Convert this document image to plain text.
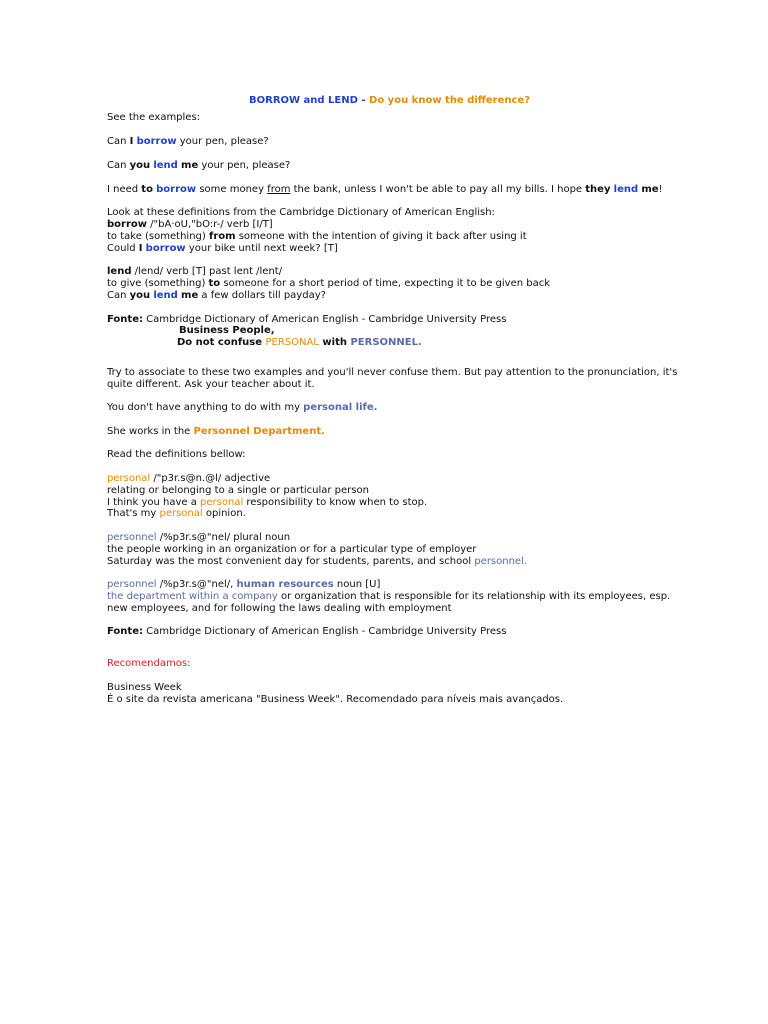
BORROW and LEND - Do you know the difference?
See the examples:
Can I borrow your pen, please?
Can you lend me your pen, please?
I need to borrow some money from the bank, unless I won't be able to pay all my bills. I hope they lend me!
Look at these definitions from the Cambridge Dictionary of American English:
borrow /"bA·oU,"bO:r-/ verb [I/T]
to take (something) from someone with the intention of giving it back after using it
Could I borrow your bike until next week? [T]
lend /lend/ verb [T] past lent /lent/
to give (something) to someone for a short period of time, expecting it to be given back
Can you lend me a few dollars till payday?
Fonte: Cambridge Dictionary of American English - Cambridge University Press
Business People,
Do not confuse PERSONAL with PERSONNEL.
Try to associate to these two examples and you'll never confuse them. But pay attention to the pronunciation, it's
quite different. Ask your teacher about it.
You don't have anything to do with my personal life.
She works in the Personnel Department.
Read the definitions bellow:
personal /"p3r.s@n.@l/ adjective
relating or belonging to a single or particular person
I think you have a personal responsibility to know when to stop.
That's my personal opinion.
personnel /%p3r.s@"nel/ plural noun
the people working in an organization or for a particular type of employer
Saturday was the most convenient day for students, parents, and school personnel.
personnel /%p3r.s@"nel/, human resources noun [U]
the department within a company or organization that is responsible for its relationship with its employees, esp.
new employees, and for following the laws dealing with employment
Fonte: Cambridge Dictionary of American English - Cambridge University Press
Recomendamos:
Business Week
É o site da revista americana "Business Week". Recomendado para níveis mais avançados.
